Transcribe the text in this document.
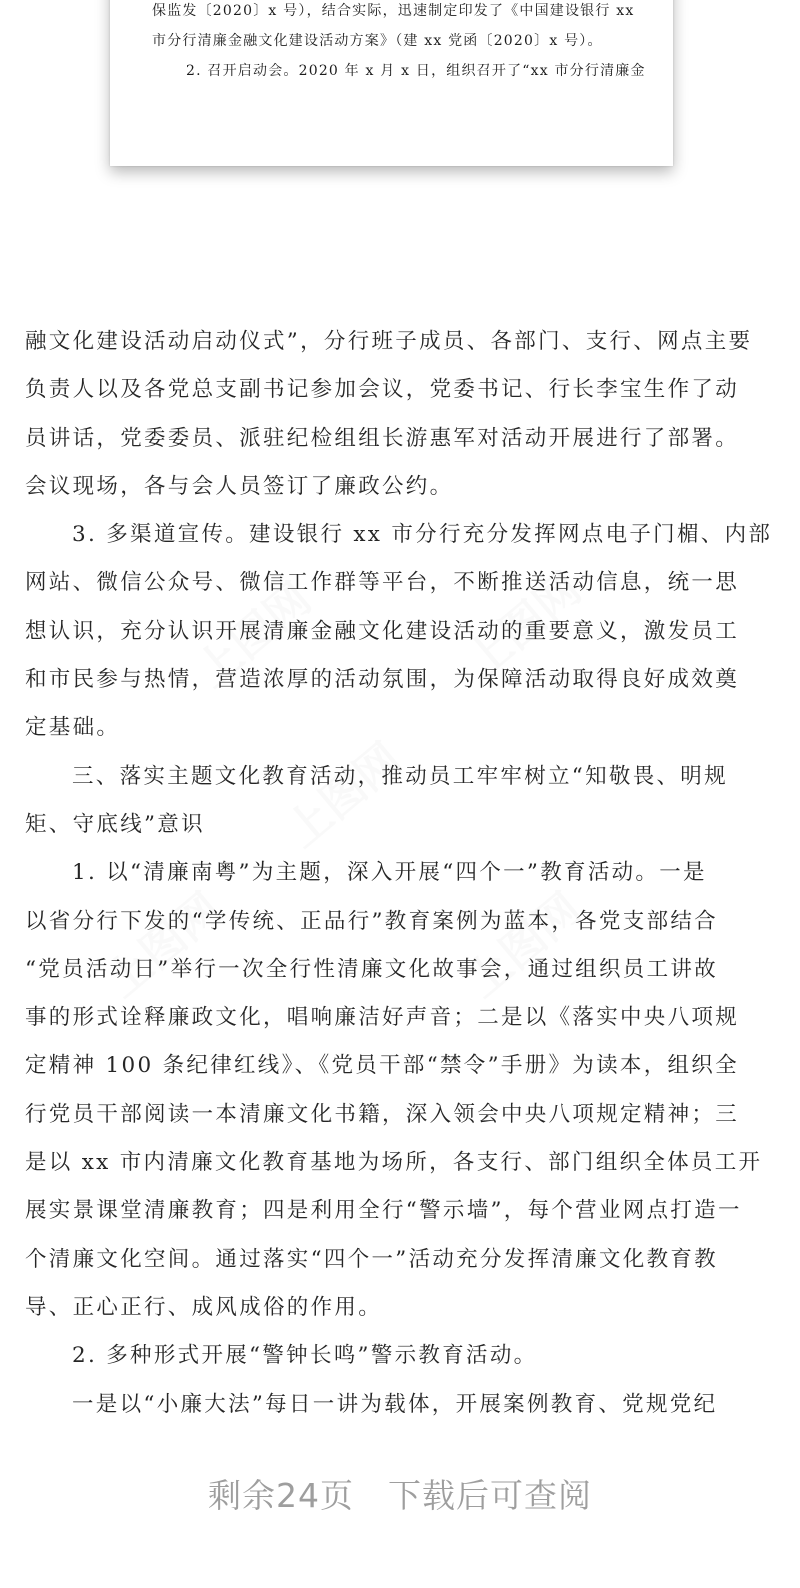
保监发〔2020〕x 号），结合实际，迅速制定印发了《中国建设银行 xx
市分行清廉金融文化建设活动方案》（建 xx 党函〔2020〕x 号）。
2. 召开启动会。2020 年 x 月 x 日，组织召开了“xx 市分行清廉金
上图网
上图网
上图网
上图网
上图网
融文化建设活动启动仪式”，分行班子成员、各部门、支行、网点主要
负责人以及各党总支副书记参加会议，党委书记、行长李宝生作了动
员讲话，党委委员、派驻纪检组组长游惠军对活动开展进行了部署。
会议现场，各与会人员签订了廉政公约。
3. 多渠道宣传。建设银行 xx 市分行充分发挥网点电子门楣、内部
网站、微信公众号、微信工作群等平台，不断推送活动信息，统一思
想认识，充分认识开展清廉金融文化建设活动的重要意义，激发员工
和市民参与热情，营造浓厚的活动氛围，为保障活动取得良好成效奠
定基础。
三、落实主题文化教育活动，推动员工牢牢树立“知敬畏、明规
矩、守底线”意识
1. 以“清廉南粤”为主题，深入开展“四个一”教育活动。一是
以省分行下发的“学传统、正品行”教育案例为蓝本，各党支部结合
“党员活动日”举行一次全行性清廉文化故事会，通过组织员工讲故
事的形式诠释廉政文化，唱响廉洁好声音；二是以《落实中央八项规
定精神 100 条纪律红线》、《党员干部“禁令”手册》为读本，组织全
行党员干部阅读一本清廉文化书籍，深入领会中央八项规定精神；三
是以 xx 市内清廉文化教育基地为场所，各支行、部门组织全体员工开
展实景课堂清廉教育；四是利用全行“警示墙”，每个营业网点打造一
个清廉文化空间。通过落实“四个一”活动充分发挥清廉文化教育教
导、正心正行、成风成俗的作用。
2. 多种形式开展“警钟长鸣”警示教育活动。
一是以“小廉大法”每日一讲为载体，开展案例教育、党规党纪
剩余24页 下载后可查阅
